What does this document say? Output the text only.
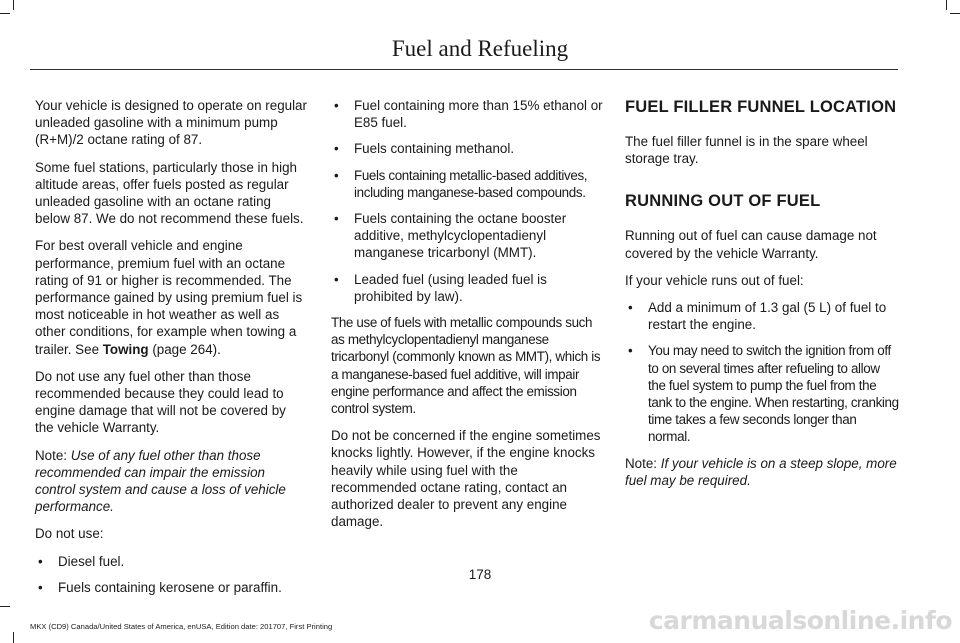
Fuel and Refueling

Your vehicle is designed to operate on regular unleaded gasoline with a minimum pump (R+M)/2 octane rating of 87.

Some fuel stations, particularly those in high altitude areas, offer fuels posted as regular unleaded gasoline with an octane rating below 87. We do not recommend these fuels.

For best overall vehicle and engine performance, premium fuel with an octane rating of 91 or higher is recommended. The performance gained by using premium fuel is most noticeable in hot weather as well as other conditions, for example when towing a trailer. See Towing (page 264).

Do not use any fuel other than those recommended because they could lead to engine damage that will not be covered by the vehicle Warranty.

Note: Use of any fuel other than those recommended can impair the emission control system and cause a loss of vehicle performance.

Do not use:

• Diesel fuel.
• Fuels containing kerosene or paraffin.
• Fuel containing more than 15% ethanol or E85 fuel.
• Fuels containing methanol.
• Fuels containing metallic-based additives, including manganese-based compounds.
• Fuels containing the octane booster additive, methylcyclopentadienyl manganese tricarbonyl (MMT).
• Leaded fuel (using leaded fuel is prohibited by law).

The use of fuels with metallic compounds such as methylcyclopentadienyl manganese tricarbonyl (commonly known as MMT), which is a manganese-based fuel additive, will impair engine performance and affect the emission control system.

Do not be concerned if the engine sometimes knocks lightly. However, if the engine knocks heavily while using fuel with the recommended octane rating, contact an authorized dealer to prevent any engine damage.

FUEL FILLER FUNNEL LOCATION

The fuel filler funnel is in the spare wheel storage tray.

RUNNING OUT OF FUEL

Running out of fuel can cause damage not covered by the vehicle Warranty.

If your vehicle runs out of fuel:

• Add a minimum of 1.3 gal (5 L) of fuel to restart the engine.
• You may need to switch the ignition from off to on several times after refueling to allow the fuel system to pump the fuel from the tank to the engine. When restarting, cranking time takes a few seconds longer than normal.

Note: If your vehicle is on a steep slope, more fuel may be required.

178
MKX (CD9) Canada/United States of America, enUSA, Edition date: 201707, First Printing	carmanualsonline.info
